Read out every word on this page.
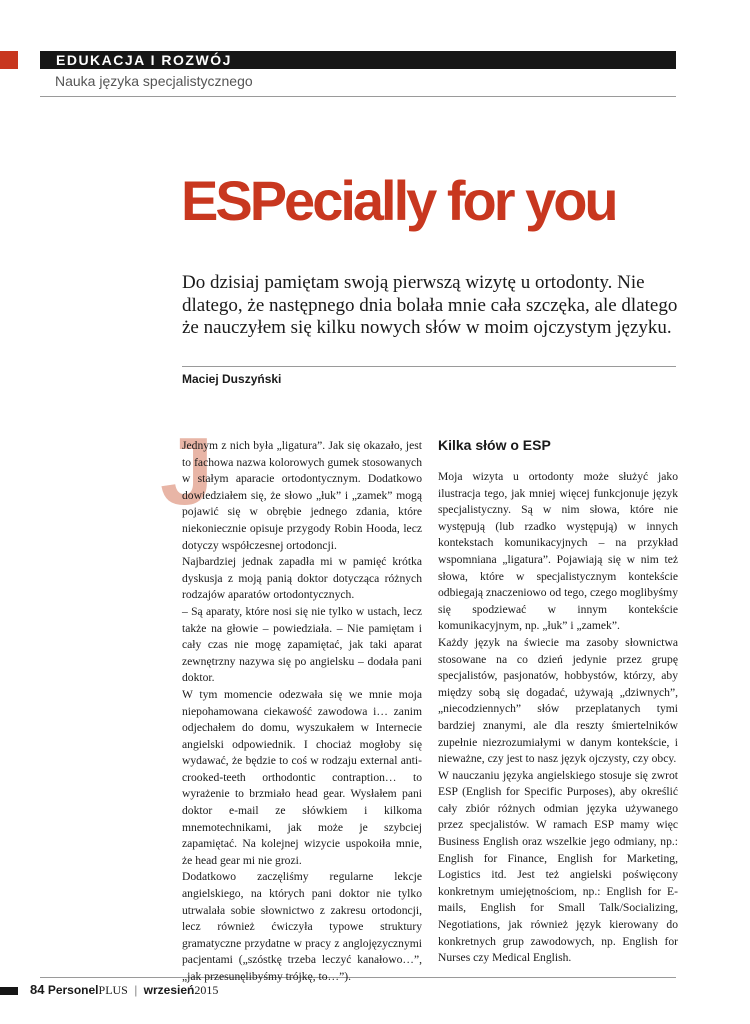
EDUKACJA I ROZWÓJ
Nauka języka specjalistycznego
ESPecially for you
Do dzisiaj pamiętam swoją pierwszą wizytę u ortodonty. Nie dlatego, że następnego dnia bolała mnie cała szczęka, ale dlatego że nauczyłem się kilku nowych słów w moim ojczystym języku.
Maciej Duszyński
J

Jednym z nich była „ligatura”. Jak się okazało, jest to fachowa nazwa kolorowych gumek stosowanych w stałym aparacie ortodontycznym. Dodatkowo dowiedziałem się, że słowo „łuk” i „zamek” mogą pojawić się w obrębie jednego zdania, które niekoniecznie opisuje przygody Robin Hooda, lecz dotyczy współczesnej ortodoncji.

Najbardziej jednak zapadła mi w pamięć krótka dyskusja z moją panią doktor dotycząca różnych rodzajów aparatów ortodontycznych.

– Są aparaty, które nosi się nie tylko w ustach, lecz także na głowie – powiedziała. – Nie pamiętam i cały czas nie mogę zapamiętać, jak taki aparat zewnętrzny nazywa się po angielsku – dodała pani doktor.

W tym momencie odezwała się we mnie moja niepohamowana ciekawość zawodowa i… zanim odjechałem do domu, wyszukałem w Internecie angielski odpowiednik. I chociaż mogłoby się wydawać, że będzie to coś w rodzaju external anti-crooked-teeth orthodontic contraption… to wyrażenie to brzmiało head gear. Wysłałem pani doktor e-mail ze słówkiem i kilkoma mnemotechnikami, jak może je szybciej zapamiętać. Na kolejnej wizycie uspokoiła mnie, że head gear mi nie grozi.

Dodatkowo zaczęliśmy regularne lekcje angielskiego, na których pani doktor nie tylko utrwalała sobie słownictwo z zakresu ortodoncji, lecz również ćwiczyła typowe struktury gramatyczne przydatne w pracy z anglojęzycznymi pacjentami („szóstkę trzeba leczyć kanałowo…”, „jak przesunęlibyśmy trójkę, to…”).

Kilka słów o ESP

Moja wizyta u ortodonty może służyć jako ilustracja tego, jak mniej więcej funkcjonuje język specjalistyczny. Są w nim słowa, które nie występują (lub rzadko występują) w innych kontekstach komunikacyjnych – na przykład wspomniana „ligatura”. Pojawiają się w nim też słowa, które w specjalistycznym kontekście odbiegają znaczeniowo od tego, czego moglibyśmy się spodziewać w innym kontekście komunikacyjnym, np. „łuk” i „zamek”.

Każdy język na świecie ma zasoby słownictwa stosowane na co dzień jedynie przez grupę specjalistów, pasjonatów, hobbystów, którzy, aby między sobą się dogadać, używają „dziwnych”, „niecodziennych” słów przeplatanych tymi bardziej znanymi, ale dla reszty śmiertelników zupełnie niezrozumiałymi w danym kontekście, i nieważne, czy jest to nasz język ojczysty, czy obcy.

W nauczaniu języka angielskiego stosuje się zwrot ESP (English for Specific Purposes), aby określić cały zbiór różnych odmian języka używanego przez specjalistów. W ramach ESP mamy więc Business English oraz wszelkie jego odmiany, np.: English for Finance, English for Marketing, Logistics itd. Jest też angielski poświęcony konkretnym umiejętnościom, np.: English for E-mails, English for Small Talk/Socializing, Negotiations, jak również język kierowany do konkretnych grup zawodowych, np. English for Nurses czy Medical English.

84 PersonelPLUS | wrzesień2015
